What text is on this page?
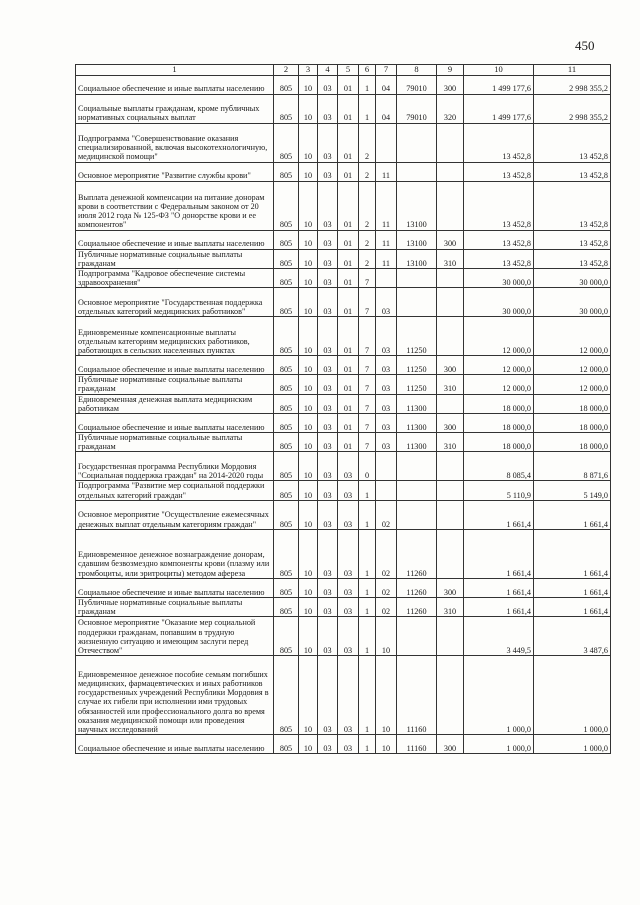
450
1	2	3	4	5	6	7	8	9	10	11
Социальное обеспечение и иные выплаты населению	805	10	03	01	1	04	79010	300	1 499 177,6	2 998 355,2
Социальные выплаты гражданам, кроме публичных нормативных социальных выплат	805	10	03	01	1	04	79010	320	1 499 177,6	2 998 355,2
Подпрограмма "Совершенствование оказания специализированной, включая высокотехнологичную, медицинской помощи"	805	10	03	01	2				13 452,8	13 452,8
Основное мероприятие "Развитие службы крови"	805	10	03	01	2	11			13 452,8	13 452,8
Выплата денежной компенсации на питание донорам крови в соответствии с Федеральным законом от 20 июля 2012 года № 125-ФЗ "О донорстве крови и ее компонентов"	805	10	03	01	2	11	13100		13 452,8	13 452,8
Социальное обеспечение и иные выплаты населению	805	10	03	01	2	11	13100	300	13 452,8	13 452,8
Публичные нормативные социальные выплаты гражданам	805	10	03	01	2	11	13100	310	13 452,8	13 452,8
Подпрограмма "Кадровое обеспечение системы здравоохранения"	805	10	03	01	7				30 000,0	30 000,0
Основное мероприятие "Государственная поддержка отдельных категорий медицинских работников"	805	10	03	01	7	03			30 000,0	30 000,0
Единовременные компенсационные выплаты отдельным категориям медицинских работников, работающих в сельских населенных пунктах	805	10	03	01	7	03	11250		12 000,0	12 000,0
Социальное обеспечение и иные выплаты населению	805	10	03	01	7	03	11250	300	12 000,0	12 000,0
Публичные нормативные социальные выплаты гражданам	805	10	03	01	7	03	11250	310	12 000,0	12 000,0
Единовременная денежная выплата медицинским работникам	805	10	03	01	7	03	11300		18 000,0	18 000,0
Социальное обеспечение и иные выплаты населению	805	10	03	01	7	03	11300	300	18 000,0	18 000,0
Публичные нормативные социальные выплаты гражданам	805	10	03	01	7	03	11300	310	18 000,0	18 000,0
Государственная программа Республики Мордовия "Социальная поддержка граждан" на 2014-2020 годы	805	10	03	03	0				8 085,4	8 871,6
Подпрограмма "Развитие мер социальной поддержки отдельных категорий граждан"	805	10	03	03	1				5 110,9	5 149,0
Основное мероприятие "Осуществление ежемесячных денежных выплат отдельным категориям граждан"	805	10	03	03	1	02			1 661,4	1 661,4
Единовременное денежное вознаграждение донорам, сдавшим безвозмездно компоненты крови (плазму или тромбоциты, или эритроциты) методом афереза	805	10	03	03	1	02	11260		1 661,4	1 661,4
Социальное обеспечение и иные выплаты населению	805	10	03	03	1	02	11260	300	1 661,4	1 661,4
Публичные нормативные социальные выплаты гражданам	805	10	03	03	1	02	11260	310	1 661,4	1 661,4
Основное мероприятие "Оказание мер социальной поддержки гражданам, попавшим в трудную жизненную ситуацию и имеющим заслуги перед Отечеством"	805	10	03	03	1	10			3 449,5	3 487,6
Единовременное денежное пособие семьям погибших медицинских, фармацевтических и иных работников государственных учреждений Республики Мордовия в случае их гибели при исполнении ими трудовых обязанностей или профессионального долга во время оказания медицинской помощи или проведения научных исследований	805	10	03	03	1	10	11160		1 000,0	1 000,0
Социальное обеспечение и иные выплаты населению	805	10	03	03	1	10	11160	300	1 000,0	1 000,0
